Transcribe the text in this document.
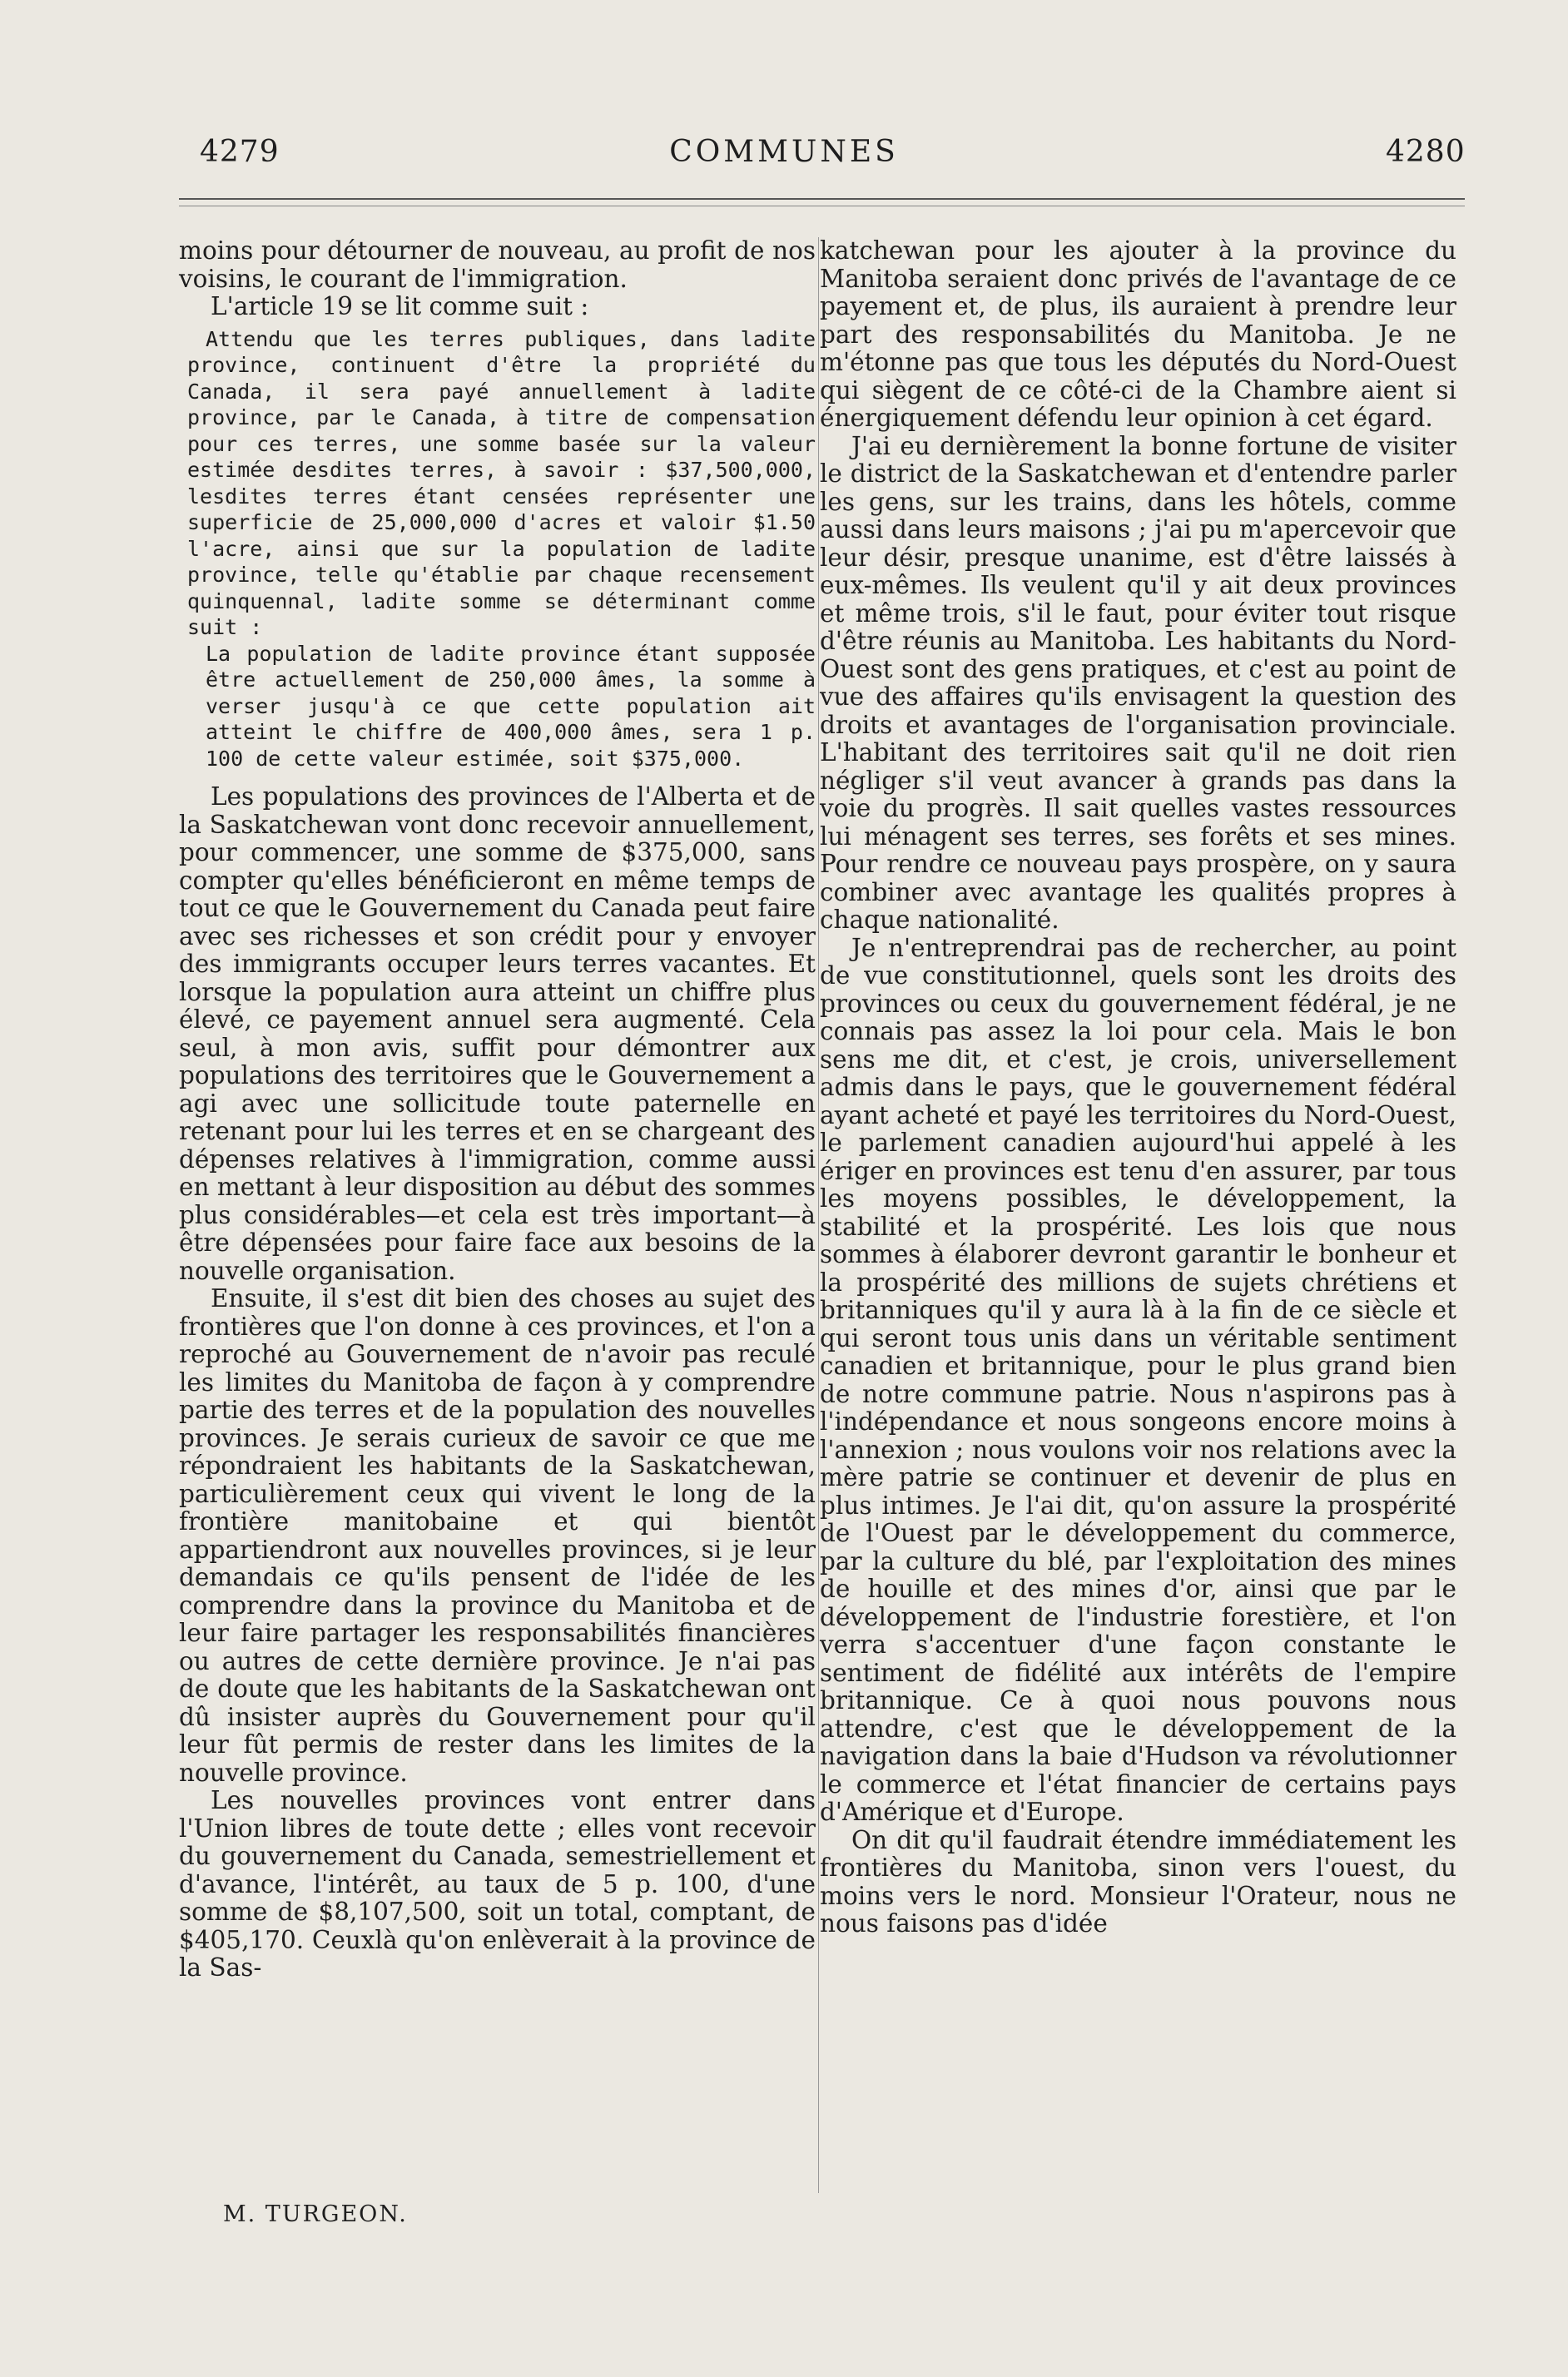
4279	COMMUNES	4280

moins pour détourner de nouveau, au profit de nos voisins, le courant de l'immigration.

L'article 19 se lit comme suit :

Attendu que les terres publiques, dans ladite province, continuent d'être la propriété du Canada, il sera payé annuellement à ladite province, par le Canada, à titre de compensation pour ces terres, une somme basée sur la valeur estimée desdites terres, à savoir : $37,500,000, lesdites terres étant censées représenter une superficie de 25,000,000 d'acres et valoir $1.50 l'acre, ainsi que sur la population de ladite province, telle qu'établie par chaque recensement quinquennal, ladite somme se déterminant comme suit :

La population de ladite province étant supposée être actuellement de 250,000 âmes, la somme à verser jusqu'à ce que cette population ait atteint le chiffre de 400,000 âmes, sera 1 p. 100 de cette valeur estimée, soit $375,000.

Les populations des provinces de l'Alberta et de la Saskatchewan vont donc recevoir annuellement, pour commencer, une somme de $375,000, sans compter qu'elles bénéficieront en même temps de tout ce que le Gouvernement du Canada peut faire avec ses richesses et son crédit pour y envoyer des immigrants occuper leurs terres vacantes. Et lorsque la population aura atteint un chiffre plus élevé, ce payement annuel sera augmenté. Cela seul, à mon avis, suffit pour démontrer aux populations des territoires que le Gouvernement a agi avec une sollicitude toute paternelle en retenant pour lui les terres et en se chargeant des dépenses relatives à l'immigration, comme aussi en mettant à leur disposition au début des sommes plus considérables—et cela est très important—à être dépensées pour faire face aux besoins de la nouvelle organisation.

Ensuite, il s'est dit bien des choses au sujet des frontières que l'on donne à ces provinces, et l'on a reproché au Gouvernement de n'avoir pas reculé les limites du Manitoba de façon à y comprendre partie des terres et de la population des nouvelles provinces. Je serais curieux de savoir ce que me répondraient les habitants de la Saskatchewan, particulièrement ceux qui vivent le long de la frontière manitobaine et qui bientôt appartiendront aux nouvelles provinces, si je leur demandais ce qu'ils pensent de l'idée de les comprendre dans la province du Manitoba et de leur faire partager les responsabilités financières ou autres de cette dernière province. Je n'ai pas de doute que les habitants de la Saskatchewan ont dû insister auprès du Gouvernement pour qu'il leur fût permis de rester dans les limites de la nouvelle province.

Les nouvelles provinces vont entrer dans l'Union libres de toute dette ; elles vont recevoir du gouvernement du Canada, semestriellement et d'avance, l'intérêt, au taux de 5 p. 100, d'une somme de $8,107,500, soit un total, comptant, de $405,170. Ceuxlà qu'on enlèverait à la province de la Sas-

katchewan pour les ajouter à la province du Manitoba seraient donc privés de l'avantage de ce payement et, de plus, ils auraient à prendre leur part des responsabilités du Manitoba. Je ne m'étonne pas que tous les députés du Nord-Ouest qui siègent de ce côté-ci de la Chambre aient si énergiquement défendu leur opinion à cet égard.

J'ai eu dernièrement la bonne fortune de visiter le district de la Saskatchewan et d'entendre parler les gens, sur les trains, dans les hôtels, comme aussi dans leurs maisons ; j'ai pu m'apercevoir que leur désir, presque unanime, est d'être laissés à eux-mêmes. Ils veulent qu'il y ait deux provinces et même trois, s'il le faut, pour éviter tout risque d'être réunis au Manitoba. Les habitants du Nord-Ouest sont des gens pratiques, et c'est au point de vue des affaires qu'ils envisagent la question des droits et avantages de l'organisation provinciale. L'habitant des territoires sait qu'il ne doit rien négliger s'il veut avancer à grands pas dans la voie du progrès. Il sait quelles vastes ressources lui ménagent ses terres, ses forêts et ses mines. Pour rendre ce nouveau pays prospère, on y saura combiner avec avantage les qualités propres à chaque nationalité.

Je n'entreprendrai pas de rechercher, au point de vue constitutionnel, quels sont les droits des provinces ou ceux du gouvernement fédéral, je ne connais pas assez la loi pour cela. Mais le bon sens me dit, et c'est, je crois, universellement admis dans le pays, que le gouvernement fédéral ayant acheté et payé les territoires du Nord-Ouest, le parlement canadien aujourd'hui appelé à les ériger en provinces est tenu d'en assurer, par tous les moyens possibles, le développement, la stabilité et la prospérité. Les lois que nous sommes à élaborer devront garantir le bonheur et la prospérité des millions de sujets chrétiens et britanniques qu'il y aura là à la fin de ce siècle et qui seront tous unis dans un véritable sentiment canadien et britannique, pour le plus grand bien de notre commune patrie. Nous n'aspirons pas à l'indépendance et nous songeons encore moins à l'annexion ; nous voulons voir nos relations avec la mère patrie se continuer et devenir de plus en plus intimes. Je l'ai dit, qu'on assure la prospérité de l'Ouest par le développement du commerce, par la culture du blé, par l'exploitation des mines de houille et des mines d'or, ainsi que par le développement de l'industrie forestière, et l'on verra s'accentuer d'une façon constante le sentiment de fidélité aux intérêts de l'empire britannique. Ce à quoi nous pouvons nous attendre, c'est que le développement de la navigation dans la baie d'Hudson va révolutionner le commerce et l'état financier de certains pays d'Amérique et d'Europe.

On dit qu'il faudrait étendre immédiatement les frontières du Manitoba, sinon vers l'ouest, du moins vers le nord. Monsieur l'Orateur, nous ne nous faisons pas d'idée

M. TURGEON.
